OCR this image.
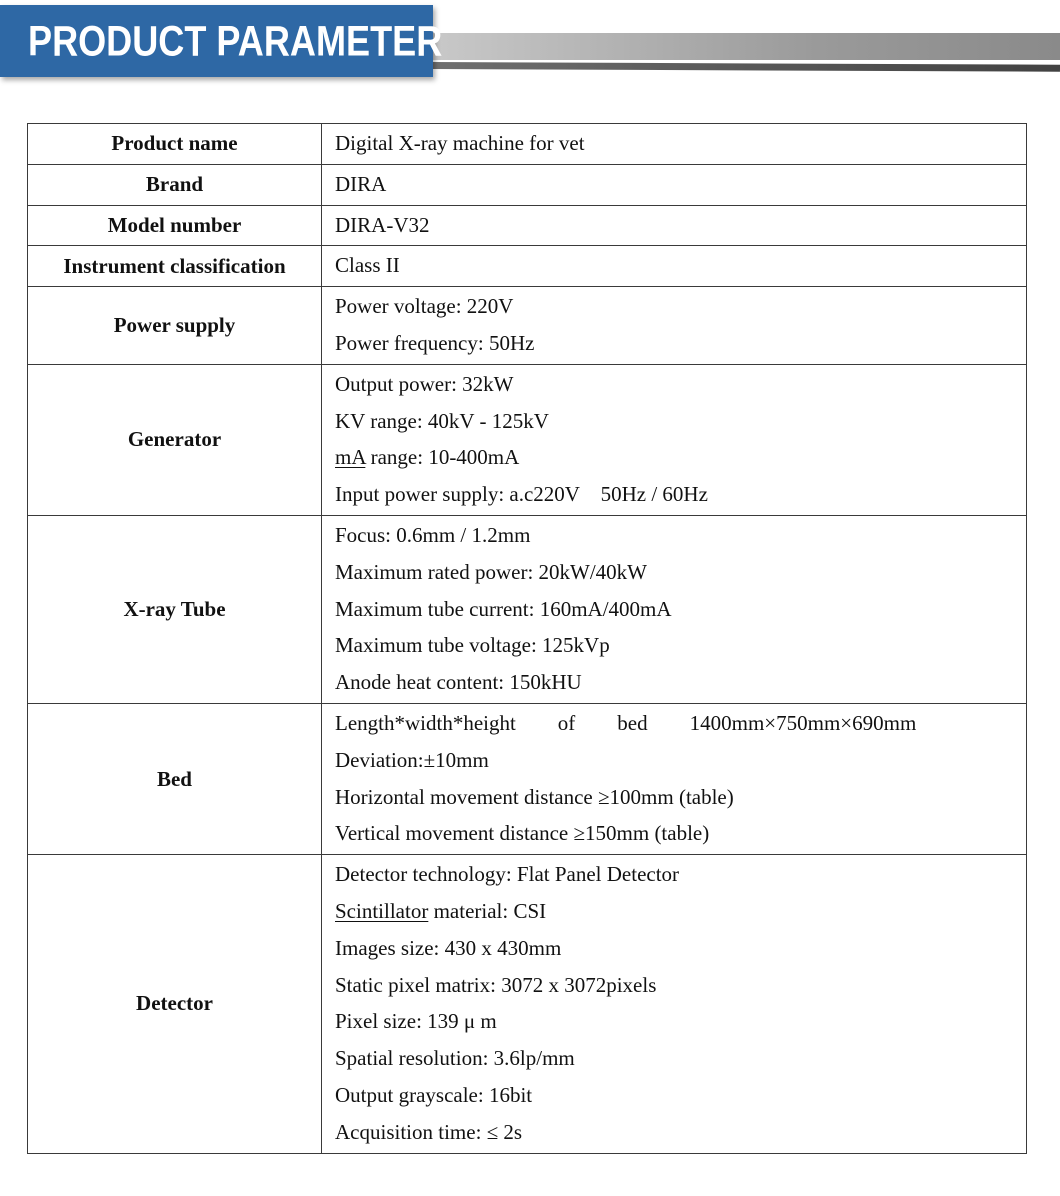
PRODUCT PARAMETER
Product name	Digital X-ray machine for vet

Brand	DIRA

Model number	DIRA-V32

Instrument classification	Class II

Power supply	Power voltage: 220V
Power frequency: 50Hz

Generator	Output power: 32kW
KV range: 40kV - 125kV
mA range: 10-400mA
Input power supply: a.c220V    50Hz / 60Hz

X-ray Tube	Focus: 0.6mm / 1.2mm
Maximum rated power: 20kW/40kW
Maximum tube current: 160mA/400mA
Maximum tube voltage: 125kVp
Anode heat content: 150kHU

Bed	Length*width*height        of        bed        1400mm×750mm×690mm
Deviation:±10mm
Horizontal movement distance ≥100mm (table)
Vertical movement distance ≥150mm (table)

Detector	
Detector technology: Flat Panel Detector
Scintillator material: CSI
Images size: 430 x 430mm
Static pixel matrix: 3072 x 3072pixels
Pixel size: 139 μ m
Spatial resolution: 3.6lp/mm
Output grayscale: 16bit
Acquisition time: ≤ 2s
